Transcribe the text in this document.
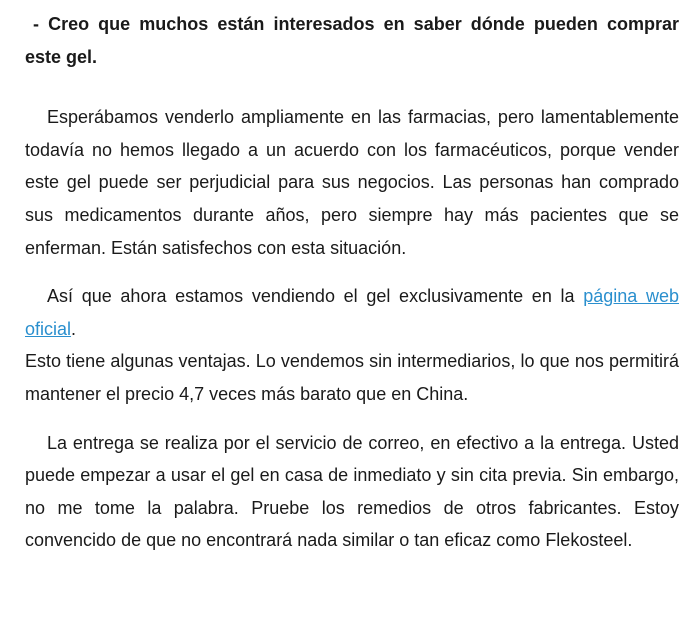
- Creo que muchos están interesados en saber dónde pueden comprar este gel.

Esperábamos venderlo ampliamente en las farmacias, pero lamentablemente todavía no hemos llegado a un acuerdo con los farmacéuticos, porque vender este gel puede ser perjudicial para sus negocios. Las personas han comprado sus medicamentos durante años, pero siempre hay más pacientes que se enferman. Están satisfechos con esta situación.

Así que ahora estamos vendiendo el gel exclusivamente en la página web oficial.

Esto tiene algunas ventajas. Lo vendemos sin intermediarios, lo que nos permitirá mantener el precio 4,7 veces más barato que en China.

La entrega se realiza por el servicio de correo, en efectivo a la entrega. Usted puede empezar a usar el gel en casa de inmediato y sin cita previa. Sin embargo, no me tome la palabra. Pruebe los remedios de otros fabricantes. Estoy convencido de que no encontrará nada similar o tan eficaz como Flekosteel.
